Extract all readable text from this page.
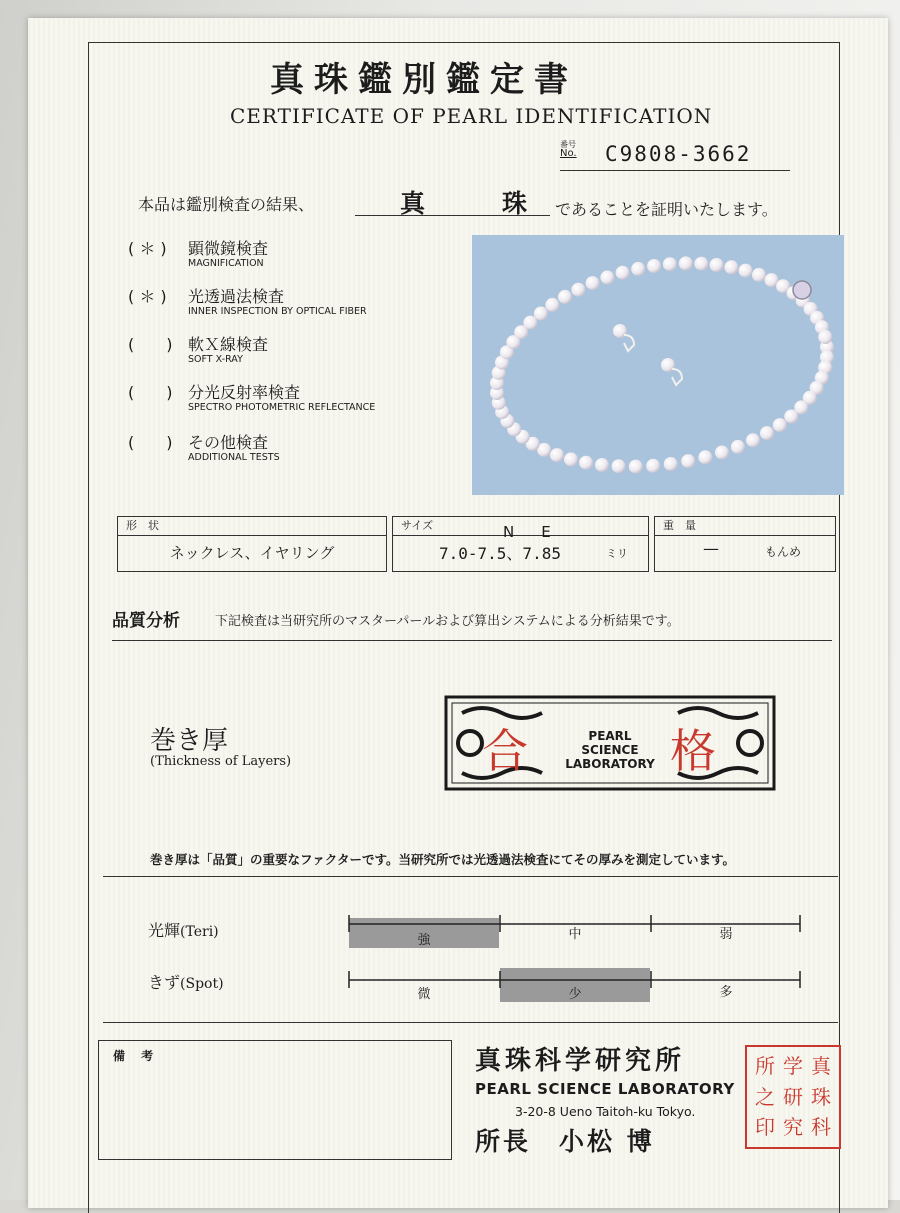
真珠鑑別鑑定書
CERTIFICATE OF PEARL IDENTIFICATION
番号
No. C9808-3662
本品は鑑別検査の結果、	真　珠 であることを証明いたします。
( ＊ ) 顕微鏡検査
MAGNIFICATION
( ＊ ) 光透過法検査
INNER INSPECTION BY OPTICAL FIBER
(　　) 軟Ｘ線検査
SOFT X-RAY
(　　) 分光反射率検査
SPECTRO PHOTOMETRIC REFLECTANCE
(　　) その他検査
ADDITIONAL TESTS
形　状
ネックレス、イヤリング
サイズ	N　E
7.0-7.5、7.85	ミリ
重　量
—	もんめ
品質分析	下記検査は当研究所のマスターパールおよび算出システムによる分析結果です。
巻き厚
(Thickness of Layers)	合	PEARL SCIENCE
LABORATORY 格
巻き厚は「品質」の重要なファクターです。当研究所では光透過法検査にてその厚みを測定しています。
光輝(Teri)
強	中	弱
きず(Spot)
微	少	多
備 考	真珠科学研究所
PEARL SCIENCE LABORATORY
3-20-8 Ueno Taitoh-ku Tokyo.
所長　小松 博
所 学 真
之 研 珠
印 究 科
